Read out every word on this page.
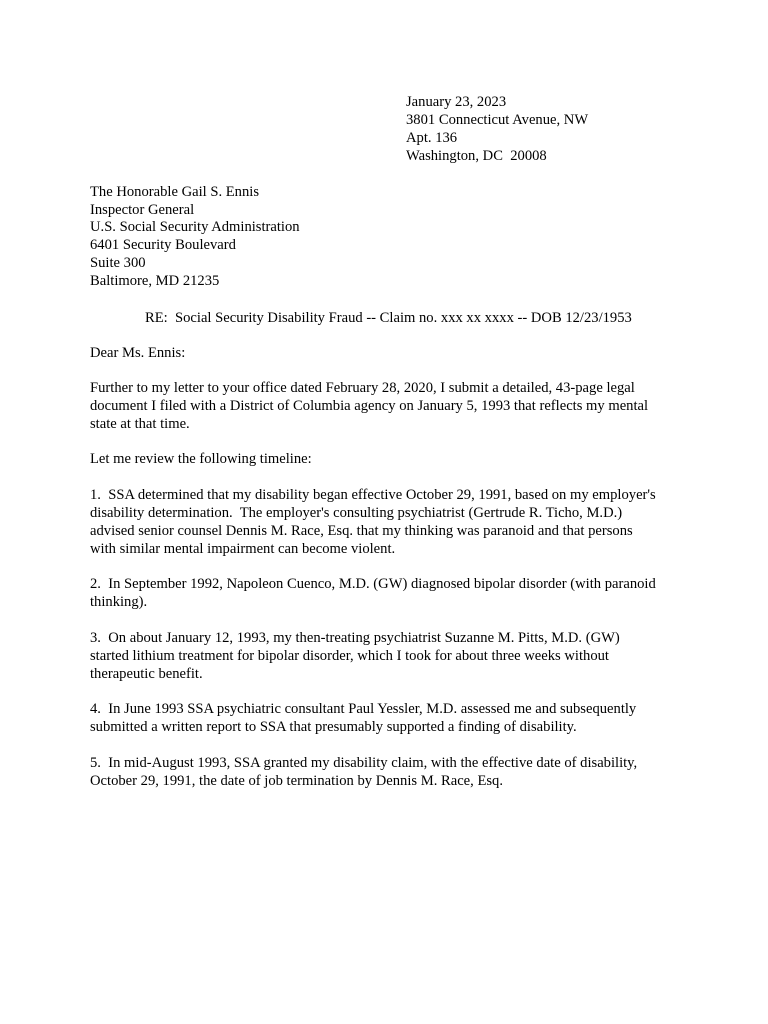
January 23, 2023
3801 Connecticut Avenue, NW
Apt. 136
Washington, DC  20008
The Honorable Gail S. Ennis
Inspector General
U.S. Social Security Administration
6401 Security Boulevard
Suite 300
Baltimore, MD 21235
RE:  Social Security Disability Fraud -- Claim no. xxx xx xxxx -- DOB 12/23/1953
Dear Ms. Ennis:
Further to my letter to your office dated February 28, 2020, I submit a detailed, 43-page legal
document I filed with a District of Columbia agency on January 5, 1993 that reflects my mental
state at that time.
Let me review the following timeline:
1.  SSA determined that my disability began effective October 29, 1991, based on my employer's
disability determination.  The employer's consulting psychiatrist (Gertrude R. Ticho, M.D.)
advised senior counsel Dennis M. Race, Esq. that my thinking was paranoid and that persons
with similar mental impairment can become violent.
2.  In September 1992, Napoleon Cuenco, M.D. (GW) diagnosed bipolar disorder (with paranoid
thinking).
3.  On about January 12, 1993, my then-treating psychiatrist Suzanne M. Pitts, M.D. (GW)
started lithium treatment for bipolar disorder, which I took for about three weeks without
therapeutic benefit.
4.  In June 1993 SSA psychiatric consultant Paul Yessler, M.D. assessed me and subsequently
submitted a written report to SSA that presumably supported a finding of disability.
5.  In mid-August 1993, SSA granted my disability claim, with the effective date of disability,
October 29, 1991, the date of job termination by Dennis M. Race, Esq.
